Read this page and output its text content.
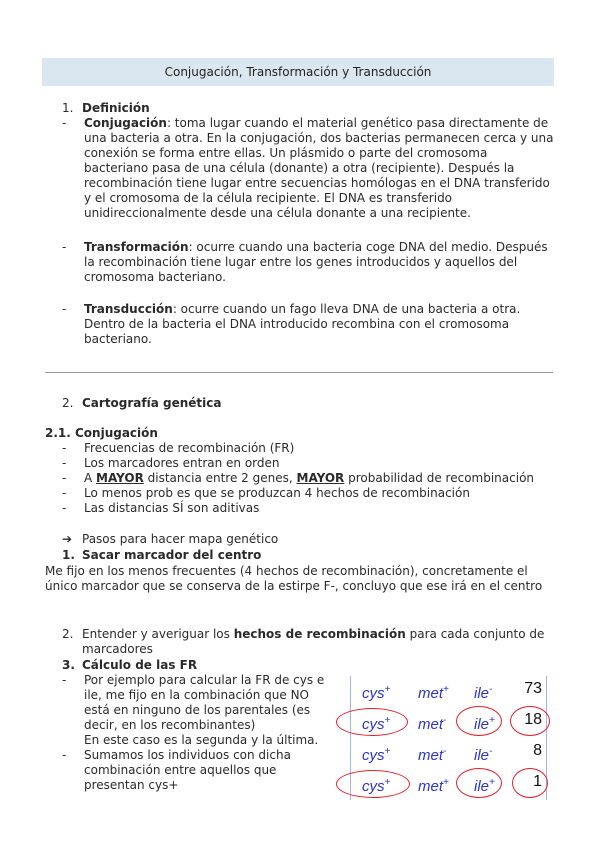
Conjugación, Transformación y Transducción
1. Definición
-	Conjugación: toma lugar cuando el material genético pasa directamente de una bacteria a otra. En la conjugación, dos bacterias permanecen cerca y una conexión se forma entre ellas. Un plásmido o parte del cromosoma bacteriano pasa de una célula (donante) a otra (recipiente). Después la recombinación tiene lugar entre secuencias homólogas en el DNA transferido y el cromosoma de la célula recipiente. El DNA es transferido unidireccionalmente desde una célula donante a una recipiente.
-	Transformación: ocurre cuando una bacteria coge DNA del medio. Después la recombinación tiene lugar entre los genes introducidos y aquellos del cromosoma bacteriano.
-	Transducción: ocurre cuando un fago lleva DNA de una bacteria a otra. Dentro de la bacteria el DNA introducido recombina con el cromosoma bacteriano.
2. Cartografía genética
2.1. Conjugación
-	Frecuencias de recombinación (FR)
-	Los marcadores entran en orden
-	A MAYOR distancia entre 2 genes, MAYOR probabilidad de recombinación
-	Lo menos prob es que se produzcan 4 hechos de recombinación
-	Las distancias SÍ son aditivas
➔ Pasos para hacer mapa genético
1. Sacar marcador del centro
Me fijo en los menos frecuentes (4 hechos de recombinación), concretamente el único marcador que se conserva de la estirpe F-, concluyo que ese irá en el centro
2. Entender y averiguar los hechos de recombinación para cada conjunto de marcadores
3. Cálculo de las FR
-	Por ejemplo para calcular la FR de cys e ile, me fijo en la combinación que NO está en ninguno de los parentales (es decir, en los recombinantes)
En este caso es la segunda y la última.
-	Sumamos los individuos con dicha combinación entre aquellos que presentan cys+
cys+ met+ ile- 73
cys+ met- ile+ 18
cys+ met- ile-	8
cys+ met+ ile+ 1
